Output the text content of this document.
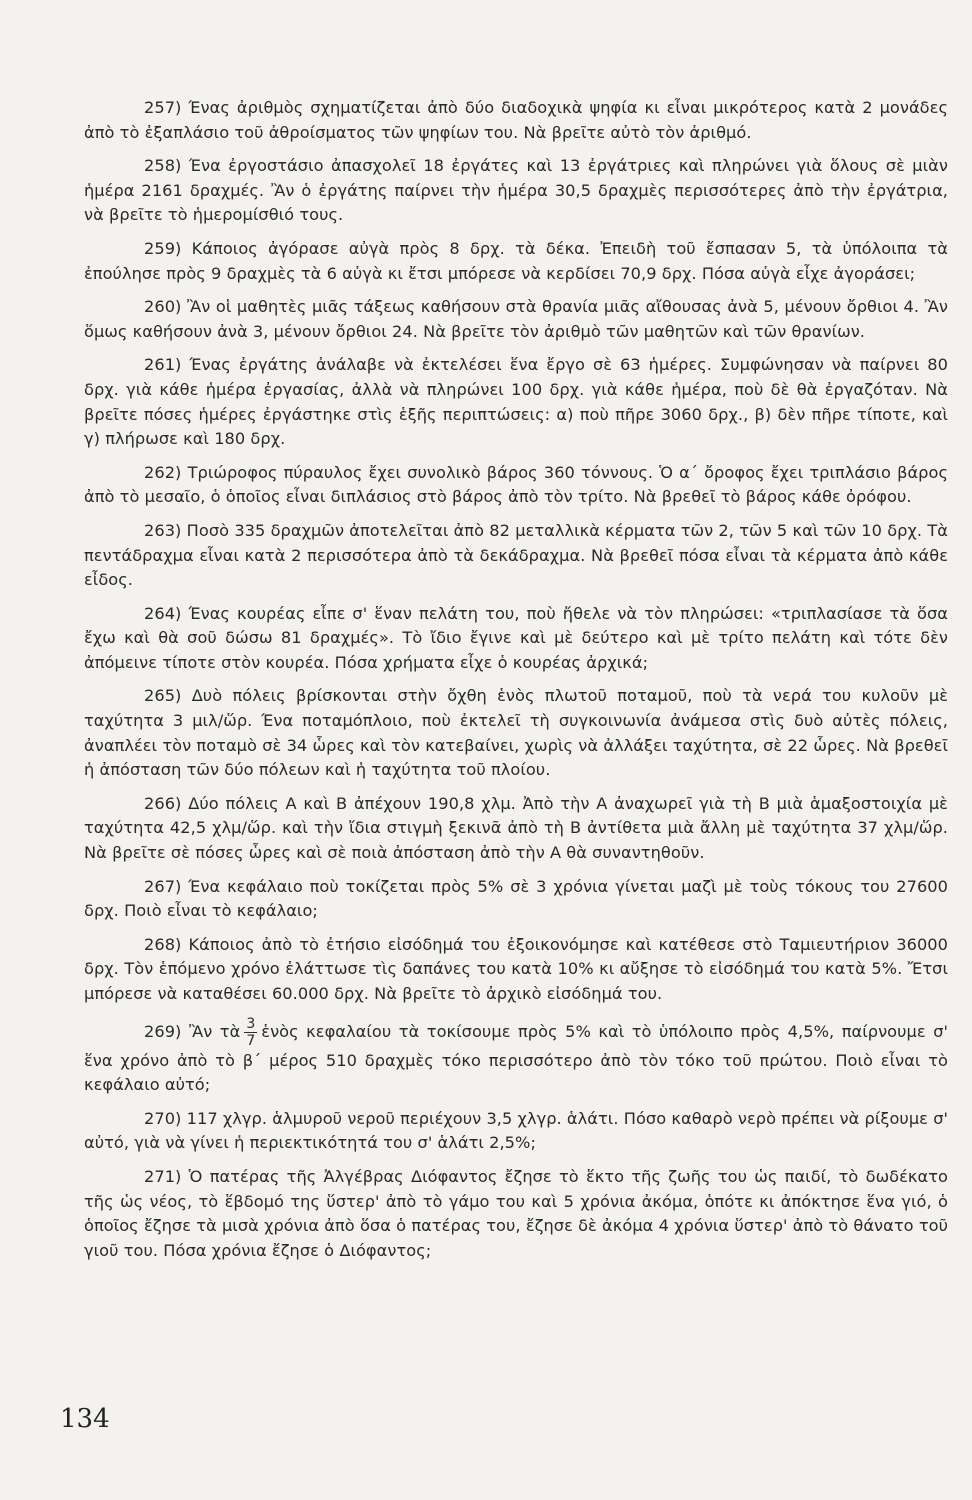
257) Ένας ἀριθμὸς σχηματίζεται ἀπὸ δύο διαδοχικὰ ψηφία κι εἶναι μικρότερος κατὰ 2 μονάδες ἀπὸ τὸ ἐξαπλάσιο τοῦ ἀθροίσματος τῶν ψηφίων του. Νὰ βρεῖτε αὐτὸ τὸν ἀριθμό.

258) Ένα ἐργοστάσιο ἀπασχολεῖ 18 ἐργάτες καὶ 13 ἐργάτριες καὶ πληρώνει γιὰ ὅλους σὲ μιὰν ἡμέρα 2161 δραχμές. Ἂν ὁ ἐργάτης παίρνει τὴν ἡμέρα 30,5 δραχμὲς περισσότερες ἀπὸ τὴν ἐργάτρια, νὰ βρεῖτε τὸ ἡμερομίσθιό τους.

259) Κάποιος ἀγόρασε αὐγὰ πρὸς 8 δρχ. τὰ δέκα. Ἐπειδὴ τοῦ ἔσπασαν 5, τὰ ὑπόλοιπα τὰ ἐπούλησε πρὸς 9 δραχμὲς τὰ 6 αὐγὰ κι ἔτσι μπόρεσε νὰ κερδίσει 70,9 δρχ. Πόσα αὐγὰ εἶχε ἀγοράσει;

260) Ἂν οἱ μαθητὲς μιᾶς τάξεως καθήσουν στὰ θρανία μιᾶς αἴθουσας ἀνὰ 5, μένουν ὄρθιοι 4. Ἂν ὅμως καθήσουν ἀνὰ 3, μένουν ὄρθιοι 24. Νὰ βρεῖτε τὸν ἀριθμὸ τῶν μαθητῶν καὶ τῶν θρανίων.

261) Ένας ἐργάτης ἀνάλαβε νὰ ἐκτελέσει ἕνα ἔργο σὲ 63 ἡμέρες. Συμφώνησαν νὰ παίρνει 80 δρχ. γιὰ κάθε ἡμέρα ἐργασίας, ἀλλὰ νὰ πληρώνει 100 δρχ. γιὰ κάθε ἡμέρα, ποὺ δὲ θὰ ἐργαζόταν. Νὰ βρεῖτε πόσες ἡμέρες ἐργάστηκε στὶς ἑξῆς περιπτώσεις: α) ποὺ πῆρε 3060 δρχ., β) δὲν πῆρε τίποτε, καὶ γ) πλήρωσε καὶ 180 δρχ.

262) Τριώροφος πύραυλος ἔχει συνολικὸ βάρος 360 τόννους. Ὁ α΄ ὄροφος ἔχει τριπλάσιο βάρος ἀπὸ τὸ μεσαῖο, ὁ ὁποῖος εἶναι διπλάσιος στὸ βάρος ἀπὸ τὸν τρίτο. Νὰ βρεθεῖ τὸ βάρος κάθε ὀρόφου.

263) Ποσὸ 335 δραχμῶν ἀποτελεῖται ἀπὸ 82 μεταλλικὰ κέρματα τῶν 2, τῶν 5 καὶ τῶν 10 δρχ. Τὰ πεντάδραχμα εἶναι κατὰ 2 περισσότερα ἀπὸ τὰ δεκάδραχμα. Νὰ βρεθεῖ πόσα εἶναι τὰ κέρματα ἀπὸ κάθε εἶδος.

264) Ένας κουρέας εἶπε σ' ἕναν πελάτη του, ποὺ ἤθελε νὰ τὸν πληρώσει: «τριπλασίασε τὰ ὅσα ἔχω καὶ θὰ σοῦ δώσω 81 δραχμές». Τὸ ἴδιο ἔγινε καὶ μὲ δεύτερο καὶ μὲ τρίτο πελάτη καὶ τότε δὲν ἀπόμεινε τίποτε στὸν κουρέα. Πόσα χρήματα εἶχε ὁ κουρέας ἀρχικά;

265) Δυὸ πόλεις βρίσκονται στὴν ὄχθη ἑνὸς πλωτοῦ ποταμοῦ, ποὺ τὰ νερά του κυλοῦν μὲ ταχύτητα 3 μιλ/ὥρ. Ένα ποταμόπλοιο, ποὺ ἐκτελεῖ τὴ συγκοινωνία ἀνάμεσα στὶς δυὸ αὐτὲς πόλεις, ἀναπλέει τὸν ποταμὸ σὲ 34 ὧρες καὶ τὸν κατεβαίνει, χωρὶς νὰ ἀλλάξει ταχύτητα, σὲ 22 ὧρες. Νὰ βρεθεῖ ἡ ἀπόσταση τῶν δύο πόλεων καὶ ἡ ταχύτητα τοῦ πλοίου.

266) Δύο πόλεις Α καὶ Β ἀπέχουν 190,8 χλμ. Ἀπὸ τὴν Α ἀναχωρεῖ γιὰ τὴ Β μιὰ ἁμαξοστοιχία μὲ ταχύτητα 42,5 χλμ/ὥρ. καὶ τὴν ἴδια στιγμὴ ξεκινᾶ ἀπὸ τὴ Β ἀντίθετα μιὰ ἄλλη μὲ ταχύτητα 37 χλμ/ὥρ. Νὰ βρεῖτε σὲ πόσες ὧρες καὶ σὲ ποιὰ ἀπόσταση ἀπὸ τὴν Α θὰ συναντηθοῦν.

267) Ένα κεφάλαιο ποὺ τοκίζεται πρὸς 5% σὲ 3 χρόνια γίνεται μαζὶ μὲ τοὺς τόκους του 27600 δρχ. Ποιὸ εἶναι τὸ κεφάλαιο;

268) Κάποιος ἀπὸ τὸ ἐτήσιο εἰσόδημά του ἐξοικονόμησε καὶ κατέθεσε στὸ Ταμιευτήριον 36000 δρχ. Τὸν ἑπόμενο χρόνο ἐλάττωσε τὶς δαπάνες του κατὰ 10% κι αὔξησε τὸ εἰσόδημά του κατὰ 5%. Ἔτσι μπόρεσε νὰ καταθέσει 60.000 δρχ. Νὰ βρεῖτε τὸ ἀρχικὸ εἰσόδημά του.

269) Ἂν τὰ $\frac{3}{7}$ ἑνὸς κεφαλαίου τὰ τοκίσουμε πρὸς 5% καὶ τὸ ὑπόλοιπο πρὸς 4,5%, παίρνουμε σ' ἕνα χρόνο ἀπὸ τὸ β΄ μέρος 510 δραχμὲς τόκο περισσότερο ἀπὸ τὸν τόκο τοῦ πρώτου. Ποιὸ εἶναι τὸ κεφάλαιο αὐτό;

270) 117 χλγρ. ἁλμυροῦ νεροῦ περιέχουν 3,5 χλγρ. ἁλάτι. Πόσο καθαρὸ νερὸ πρέπει νὰ ρίξουμε σ' αὐτό, γιὰ νὰ γίνει ἡ περιεκτικότητά του σ' ἁλάτι 2,5%;

271) Ὁ πατέρας τῆς Ἀλγέβρας Διόφαντος ἔζησε τὸ ἕκτο τῆς ζωῆς του ὡς παιδί, τὸ δωδέκατο τῆς ὡς νέος, τὸ ἕβδομό της ὕστερ' ἀπὸ τὸ γάμο του καὶ 5 χρόνια ἀκόμα, ὁπότε κι ἀπόκτησε ἕνα γιό, ὁ ὁποῖος ἔζησε τὰ μισὰ χρόνια ἀπὸ ὅσα ὁ πατέρας του, ἔζησε δὲ ἀκόμα 4 χρόνια ὕστερ' ἀπὸ τὸ θάνατο τοῦ γιοῦ του. Πόσα χρόνια ἔζησε ὁ Διόφαντος;

134
